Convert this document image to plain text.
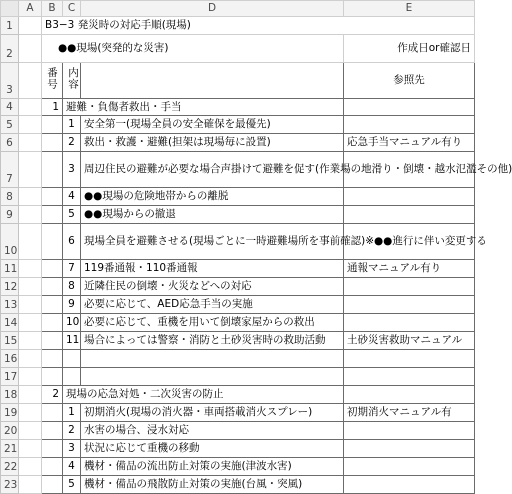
	A	B	C	D	E
1		B3−3 発災時の対応手順(現場)			
2		●●現場(突発的な災害)			作成日or確認日
3		番号	内容		参照先
4		1	避難・負傷者救出・手当		
5			1	安全第一(現場全員の安全確保を最優先)	
6			2	救出・救護・避難(担架は現場毎に設置)	応急手当マニュアル有り
7			3	周辺住民の避難が必要な場合声掛けて避難を促す(作業場の地滑り・倒壊・越水氾濫その他)	
8			4	●●現場の危険地帯からの離脱	
9			5	●●現場からの撤退	
10			6	現場全員を避難させる(現場ごとに一時避難場所を事前確認)※●●進行に伴い変更する	
11			7	119番通報・110番通報	通報マニュアル有り
12			8	近隣住民の倒壊・火災などへの対応	
13			9	必要に応じて、AED応急手当の実施	
14			10	必要に応じて、重機を用いて倒壊家屋からの救出	
15			11	場合によっては警察・消防と土砂災害時の救助活動	土砂災害救助マニュアル
16					
17					
18		2	現場の応急対処・二次災害の防止		
19			1	初期消火(現場の消火器・車両搭載消火スプレー)	初期消火マニュアル有
20			2	水害の場合、浸水対応	
21			3	状況に応じて重機の移動	
22			4	機材・備品の流出防止対策の実施(津波水害)	
23			5	機材・備品の飛散防止対策の実施(台風・突風)	
